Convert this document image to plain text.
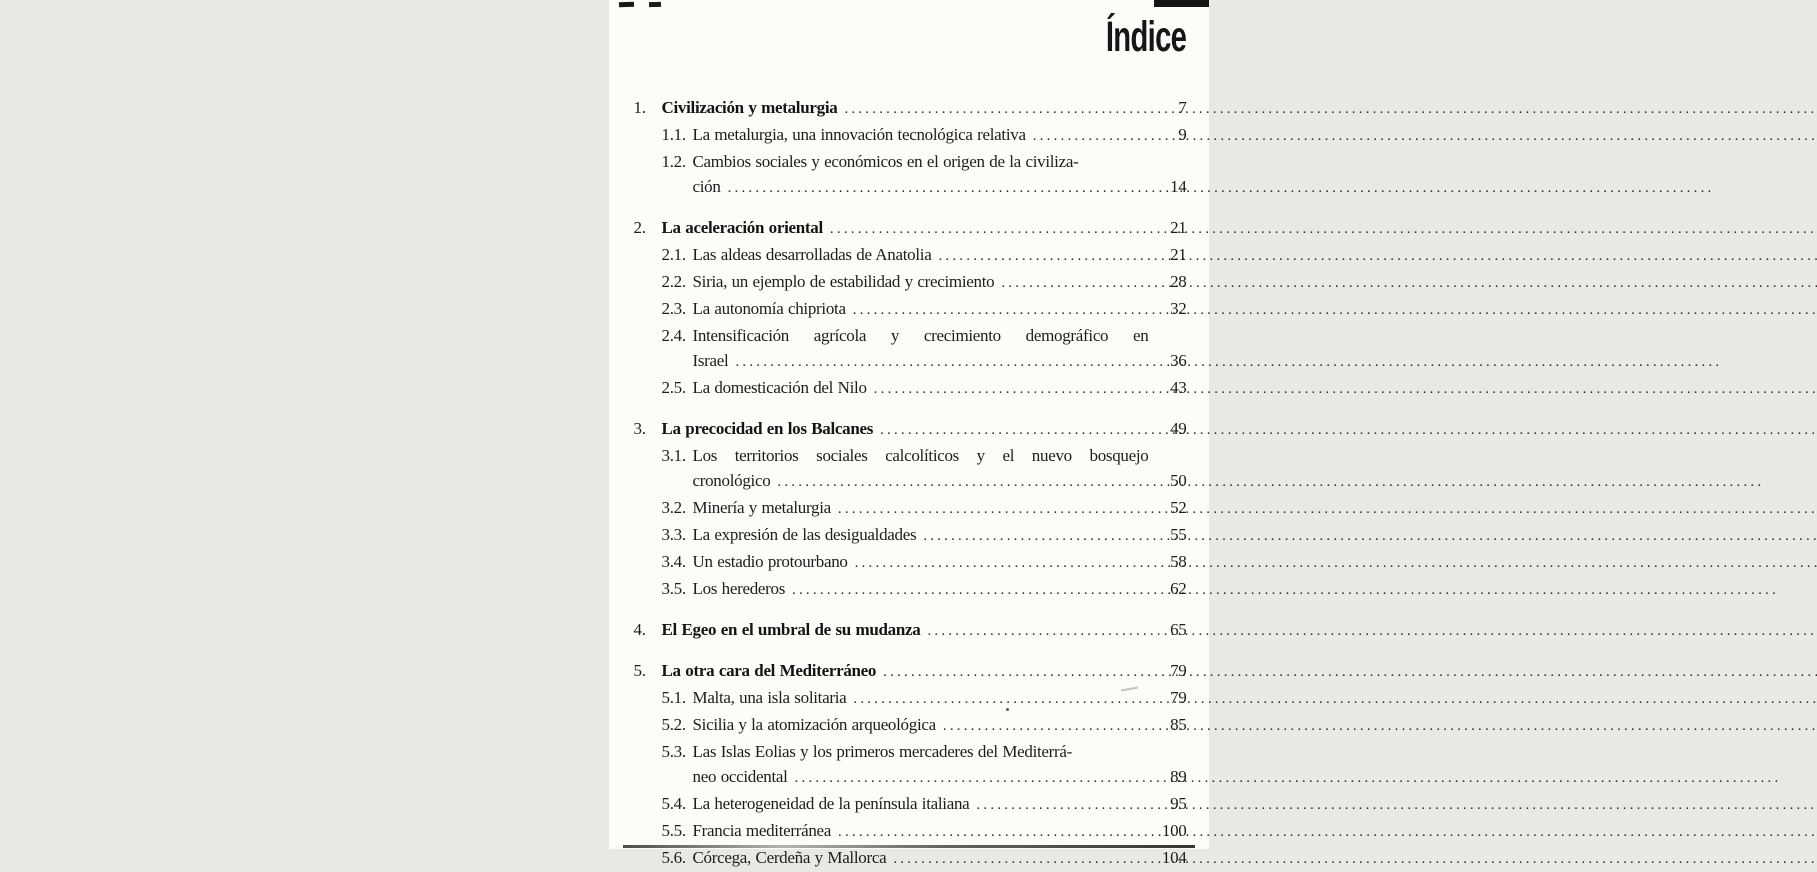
Índice
1. Civilización y metalurgia .....	7
1.1. La metalurgia, una innovación tecnológica relativa .....	9
1.2. Cambios sociales y económicos en el origen de la civiliza-
ción .....	14
2. La aceleración oriental .....	21
2.1. Las aldeas desarrolladas de Anatolia .....	21
2.2. Siria, un ejemplo de estabilidad y crecimiento .....	28
2.3. La autonomía chipriota .....	32
2.4. Intensificación agrícola y crecimiento demográfico en
Israel .....	36
2.5. La domesticación del Nilo .....	43
3. La precocidad en los Balcanes .....	49
3.1. Los territorios sociales calcolíticos y el nuevo bosquejo
cronológico .....	50
3.2. Minería y metalurgia .....	52
3.3. La expresión de las desigualdades .....	55
3.4. Un estadio protourbano .....	58
3.5. Los herederos .....	62
4. El Egeo en el umbral de su mudanza .....	65
5. La otra cara del Mediterráneo .....	79
5.1. Malta, una isla solitaria .....	79
5.2. Sicilia y la atomización arqueológica .....	85
5.3. Las Islas Eolias y los primeros mercaderes del Mediterrá-
neo occidental .....	89
5.4. La heterogeneidad de la península italiana .....	95
5.5. Francia mediterránea .....	100
5.6. Córcega, Cerdeña y Mallorca .....	104
